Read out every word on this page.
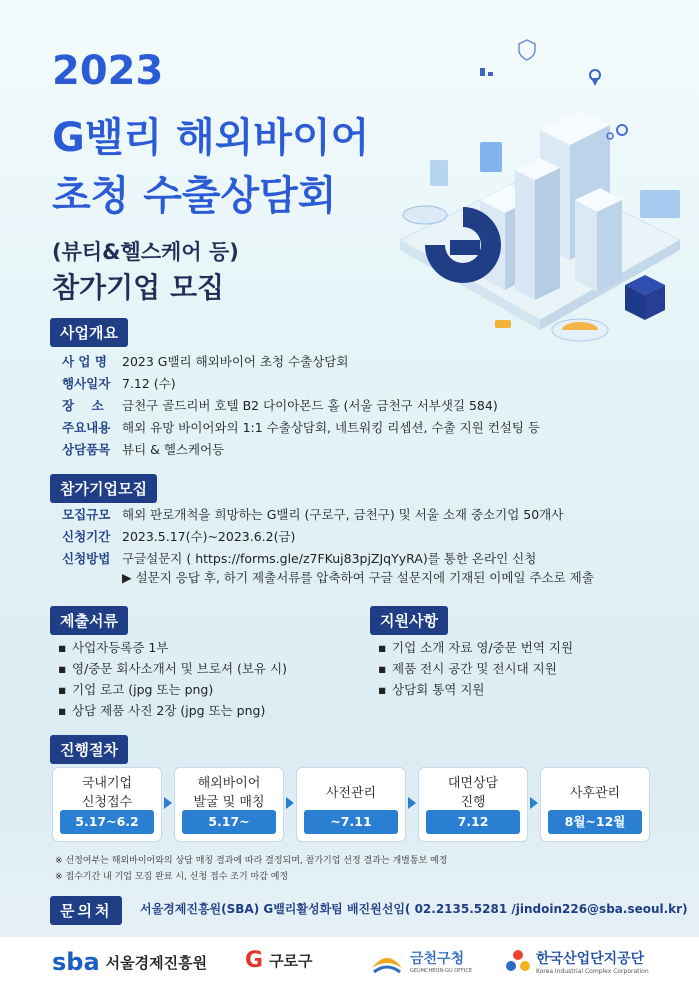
2023
G밸리 해외바이어
초청 수출상담회
(뷰티&헬스케어 등)
참가기업 모집
사업개요
사 업 명	2023 G밸리 해외바이어 초청 수출상담회
행사일자 7.12 (수)
장    소	금천구 골드리버 호텔 B2 다이아몬드 홀 (서울 금천구 서부샛길 584)
주요내용 해외 유망 바이어와의 1:1 수출상담회, 네트워킹 리셉션, 수출 지원 컨설팅 등
상담품목 뷰티 & 헬스케어등
참가기업모집
모집규모 해외 판로개척을 희망하는 G밸리 (구로구, 금천구) 및 서울 소재 중소기업 50개사
신청기간 2023.5.17(수)~2023.6.2(금)
신청방법 구글설문지 ( https://forms.gle/z7FKuj83pjZJqYyRA)를 통한 온라인 신청
▶ 설문지 응답 후, 하기 제출서류를 압축하여 구글 설문지에 기재된 이메일 주소로 제출
제출서류
▪ 사업자등록증 1부
▪ 영/중문 회사소개서 및 브로셔 (보유 시)
▪ 기업 로고 (jpg 또는 png)
▪ 상담 제품 사진 2장 (jpg 또는 png)
지원사항
▪ 기업 소개 자료 영/중문 번역 지원
▪ 제품 전시 공간 및 전시대 지원
▪ 상담회 통역 지원
진행절차
국내기업
신청접수
5.17~6.2
해외바이어
발굴 및 매칭
5.17~
사전관리
~7.11
대면상담
진행
7.12
사후관리
8월~12월
※ 선정여부는 해외바이어와의 상담 매칭 결과에 따라 결정되며, 참가기업 선정 결과는 개별통보 예정
※ 접수기간 내 기업 모집 완료 시, 신청 접수 조기 마감 예정
문의처	서울경제진흥원(SBA) G밸리활성화팀 배진원선임( 02.2135.5281 /jindoin226@sba.seoul.kr)
sba 서울경제진흥원 G 구로구	금천구청
GEUMCHEON-GU OFFICE
한국산업단지공단
Korea Industrial Complex Corporation
